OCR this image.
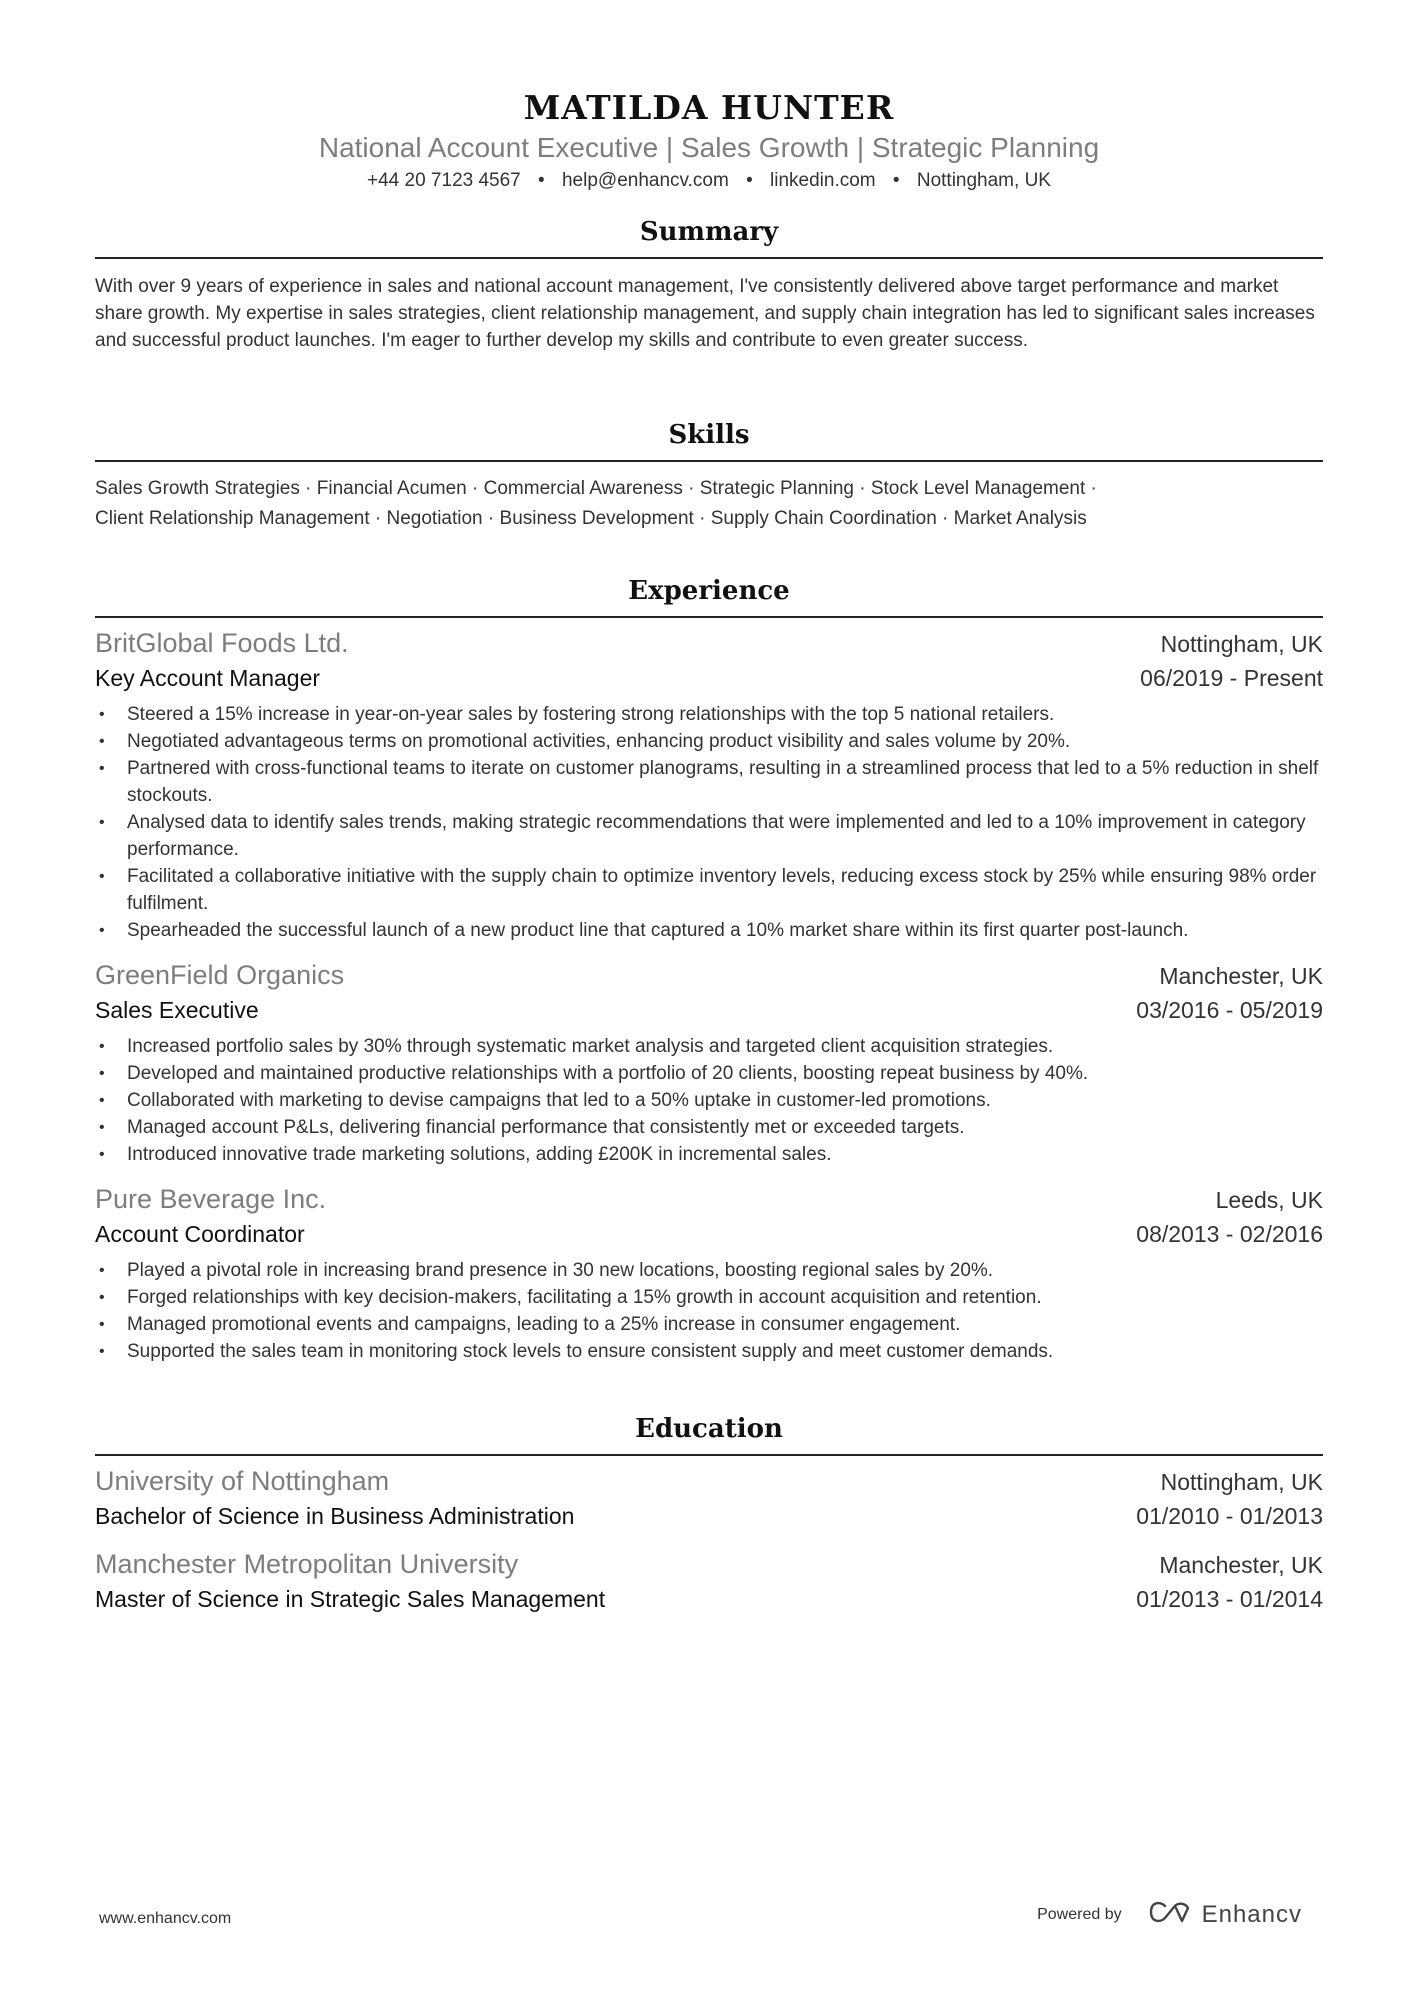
MATILDA HUNTER
National Account Executive | Sales Growth | Strategic Planning
+44 20 7123 4567 • help@enhancv.com • linkedin.com • Nottingham, UK
Summary
With over 9 years of experience in sales and national account management, I've consistently delivered above target performance and market share growth. My expertise in sales strategies, client relationship management, and supply chain integration has led to significant sales increases and successful product launches. I'm eager to further develop my skills and contribute to even greater success.
Skills
Sales Growth Strategies · Financial Acumen · Commercial Awareness · Strategic Planning · Stock Level Management ·
Client Relationship Management · Negotiation · Business Development · Supply Chain Coordination · Market Analysis
Experience
BritGlobal Foods Ltd.	Nottingham, UK
Key Account Manager	06/2019 - Present
• Steered a 15% increase in year-on-year sales by fostering strong relationships with the top 5 national retailers.
• Negotiated advantageous terms on promotional activities, enhancing product visibility and sales volume by 20%.
• Partnered with cross-functional teams to iterate on customer planograms, resulting in a streamlined process that led to a 5% reduction in shelf stockouts.
• Analysed data to identify sales trends, making strategic recommendations that were implemented and led to a 10% improvement in category performance.
• Facilitated a collaborative initiative with the supply chain to optimize inventory levels, reducing excess stock by 25% while ensuring 98% order fulfilment.
• Spearheaded the successful launch of a new product line that captured a 10% market share within its first quarter post-launch.
GreenField Organics	Manchester, UK
Sales Executive	03/2016 - 05/2019
• Increased portfolio sales by 30% through systematic market analysis and targeted client acquisition strategies.
• Developed and maintained productive relationships with a portfolio of 20 clients, boosting repeat business by 40%.
• Collaborated with marketing to devise campaigns that led to a 50% uptake in customer-led promotions.
• Managed account P&Ls, delivering financial performance that consistently met or exceeded targets.
• Introduced innovative trade marketing solutions, adding £200K in incremental sales.
Pure Beverage Inc.	Leeds, UK
Account Coordinator	08/2013 - 02/2016
• Played a pivotal role in increasing brand presence in 30 new locations, boosting regional sales by 20%.
• Forged relationships with key decision-makers, facilitating a 15% growth in account acquisition and retention.
• Managed promotional events and campaigns, leading to a 25% increase in consumer engagement.
• Supported the sales team in monitoring stock levels to ensure consistent supply and meet customer demands.
Education
University of Nottingham	Nottingham, UK
Bachelor of Science in Business Administration	01/2010 - 01/2013
Manchester Metropolitan University	Manchester, UK
Master of Science in Strategic Sales Management	01/2013 - 01/2014
www.enhancv.com	Powered by	Enhancv
